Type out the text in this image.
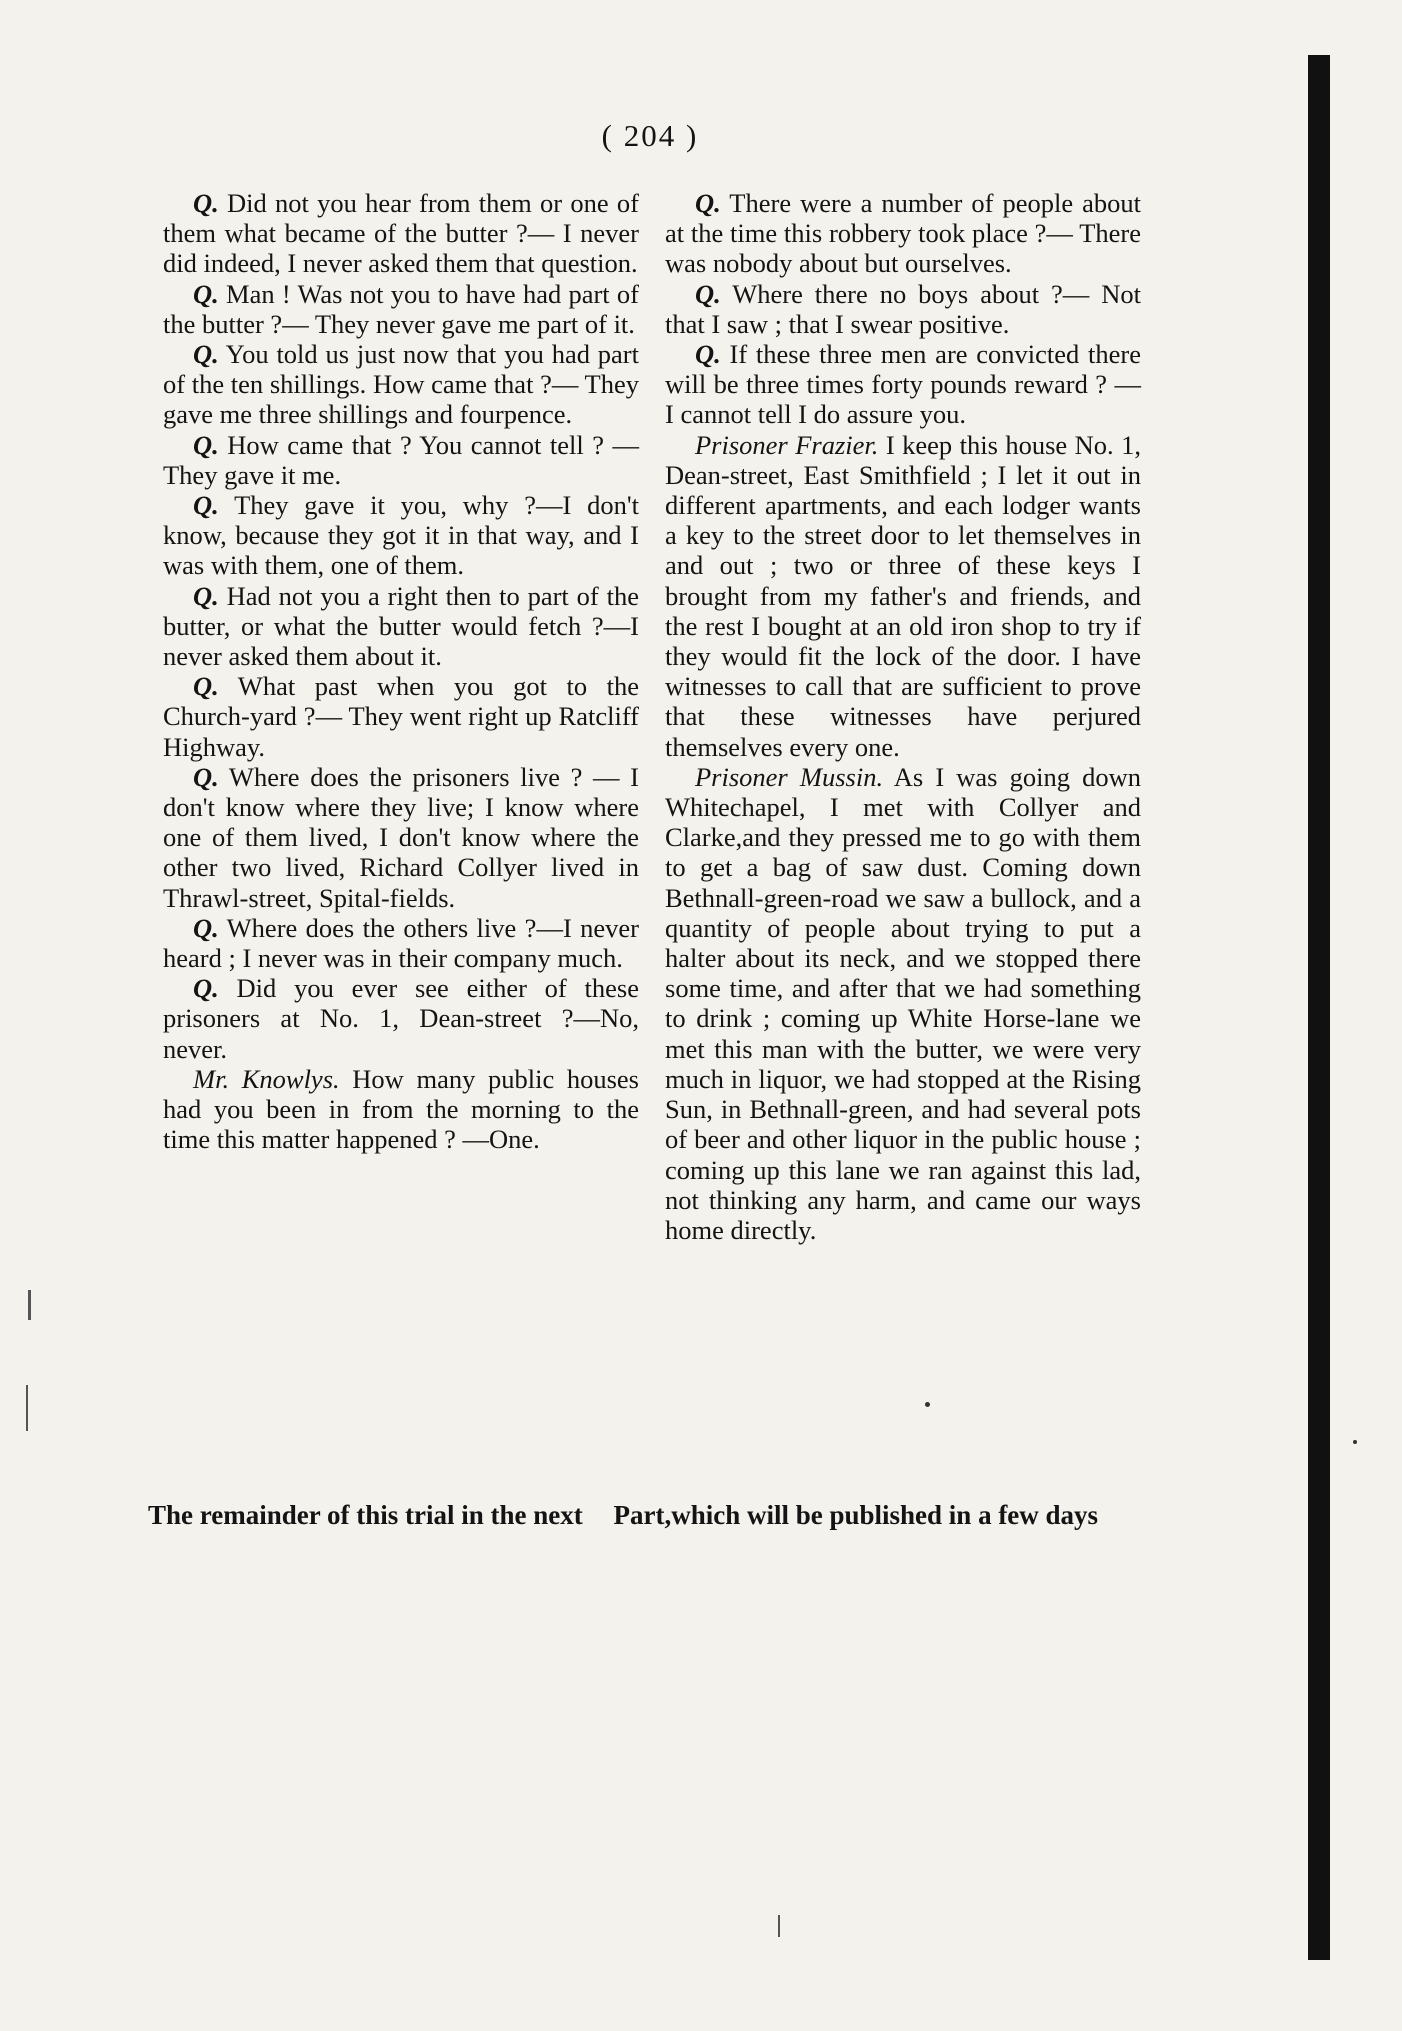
( 204 )

Q. Did not you hear from them or one of them what became of the butter ?— I never did indeed, I never asked them that question.

Q. Man ! Was not you to have had part of the butter ?— They never gave me part of it.

Q. You told us just now that you had part of the ten shillings. How came that ?— They gave me three shillings and fourpence.

Q. How came that ? You cannot tell ? —They gave it me.

Q. They gave it you, why ?—I don't know, because they got it in that way, and I was with them, one of them.

Q. Had not you a right then to part of the butter, or what the butter would fetch ?—I never asked them about it.

Q. What past when you got to the Church-yard ?— They went right up Ratcliff Highway.

Q. Where does the prisoners live ? — I don't know where they live; I know where one of them lived, I don't know where the other two lived, Richard Collyer lived in Thrawl-street, Spital-fields.

Q. Where does the others live ?—I never heard ; I never was in their company much.

Q. Did you ever see either of these prisoners at No. 1, Dean-street ?—No, never.

Mr. Knowlys. How many public houses had you been in from the morning to the time this matter happened ? —One.

Q. There were a number of people about at the time this robbery took place ?— There was nobody about but ourselves.

Q. Where there no boys about ?— Not that I saw ; that I swear positive.

Q. If these three men are convicted there will be three times forty pounds reward ? — I cannot tell I do assure you.

Prisoner Frazier. I keep this house No. 1, Dean-street, East Smithfield ; I let it out in different apartments, and each lodger wants a key to the street door to let themselves in and out ; two or three of these keys I brought from my father's and friends, and the rest I bought at an old iron shop to try if they would fit the lock of the door. I have witnesses to call that are sufficient to prove that these witnesses have perjured themselves every one.

Prisoner Mussin. As I was going down Whitechapel, I met with Collyer and Clarke,and they pressed me to go with them to get a bag of saw dust. Coming down Bethnall-green-road we saw a bullock, and a quantity of people about trying to put a halter about its neck, and we stopped there some time, and after that we had something to drink ; coming up White Horse-lane we met this man with the butter, we were very much in liquor, we had stopped at the Rising Sun, in Bethnall-green, and had several pots of beer and other liquor in the public house ; coming up this lane we ran against this lad, not thinking any harm, and came our ways home directly.

The remainder of this trial in the next Part,which will be published in a few days
